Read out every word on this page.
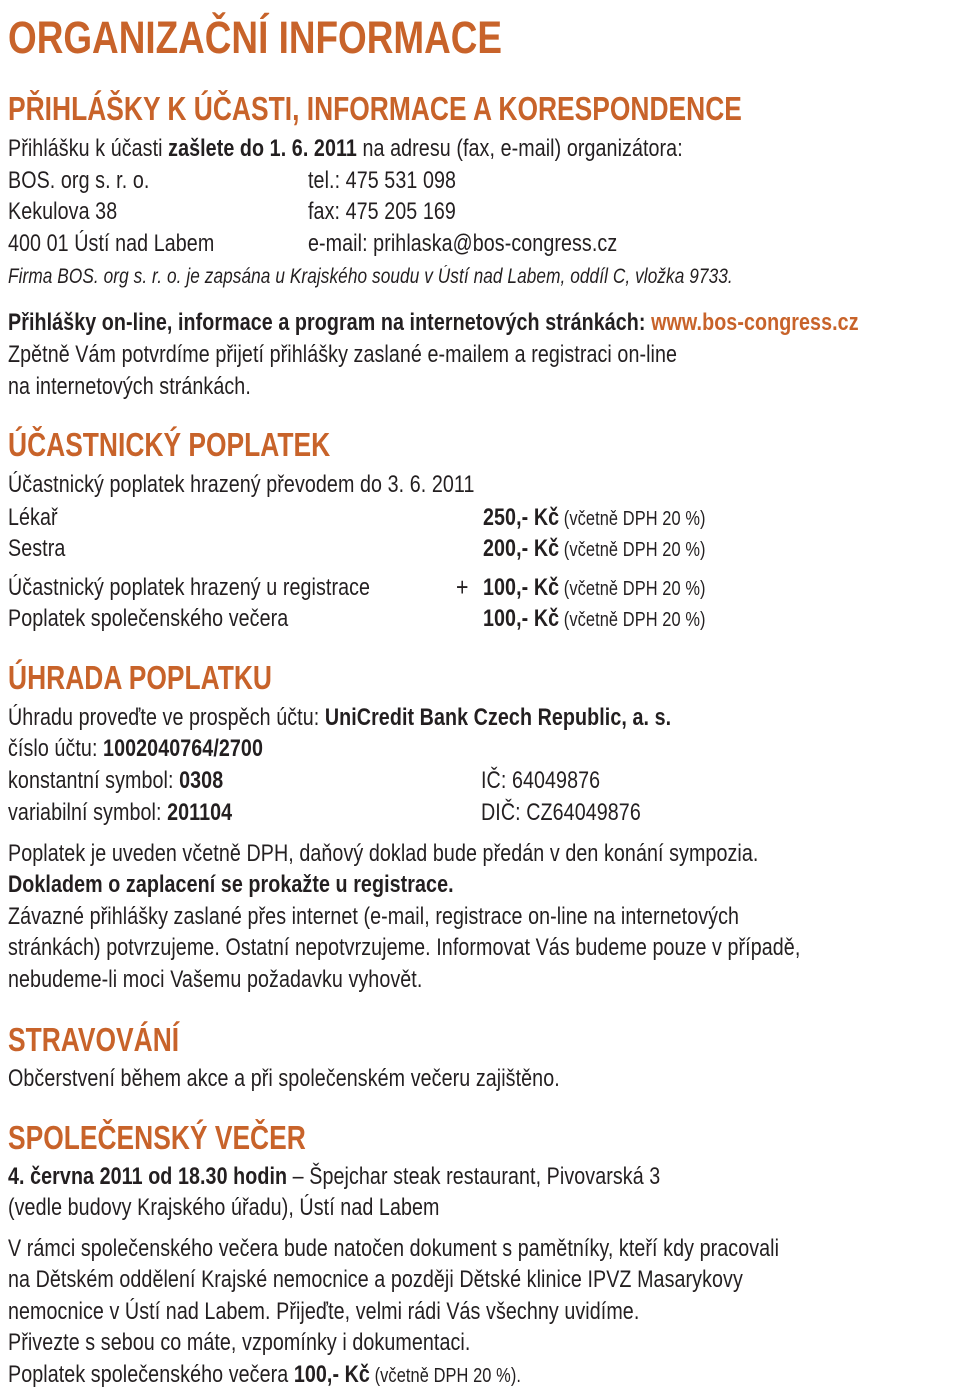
ORGANIZAČNÍ INFORMACE
PŘIHLÁŠKY K ÚČASTI, INFORMACE A KORESPONDENCE
Přihlášku k účasti zašlete do 1. 6. 2011 na adresu (fax, e-mail) organizátora:
BOS. org s. r. o.	tel.: 475 531 098
Kekulova 38	fax: 475 205 169
400 01 Ústí nad Labem	e-mail: prihlaska@bos-congress.cz
Firma BOS. org s. r. o. je zapsána u Krajského soudu v Ústí nad Labem, oddíl C, vložka 9733.
Přihlášky on-line, informace a program na internetových stránkách: www.bos-congress.cz
Zpětně Vám potvrdíme přijetí přihlášky zaslané e-mailem a registraci on-line
na internetových stránkách.
ÚČASTNICKÝ POPLATEK
Účastnický poplatek hrazený převodem do 3. 6. 2011
Lékař	250,- Kč (včetně DPH 20 %)
Sestra	200,- Kč (včetně DPH 20 %)
Účastnický poplatek hrazený u registrace	+ 100,- Kč (včetně DPH 20 %)
Poplatek společenského večera	100,- Kč (včetně DPH 20 %)
ÚHRADA POPLATKU
Úhradu proveďte ve prospěch účtu: UniCredit Bank Czech Republic, a. s.
číslo účtu: 1002040764/2700
konstantní symbol: 0308	IČ: 64049876
variabilní symbol: 201104	DIČ: CZ64049876
Poplatek je uveden včetně DPH, daňový doklad bude předán v den konání sympozia.
Dokladem o zaplacení se prokažte u registrace.
Závazné přihlášky zaslané přes internet (e-mail, registrace on-line na internetových
stránkách) potvrzujeme. Ostatní nepotvrzujeme. Informovat Vás budeme pouze v případě,
nebudeme-li moci Vašemu požadavku vyhovět.
STRAVOVÁNÍ
Občerstvení během akce a při společenském večeru zajištěno.
SPOLEČENSKÝ VEČER
4. června 2011 od 18.30 hodin – Špejchar steak restaurant, Pivovarská 3
(vedle budovy Krajského úřadu), Ústí nad Labem
V rámci společenského večera bude natočen dokument s pamětníky, kteří kdy pracovali
na Dětském oddělení Krajské nemocnice a později Dětské klinice IPVZ Masarykovy
nemocnice v Ústí nad Labem. Přijeďte, velmi rádi Vás všechny uvidíme.
Přivezte s sebou co máte, vzpomínky i dokumentaci.
Poplatek společenského večera 100,- Kč (včetně DPH 20 %).
